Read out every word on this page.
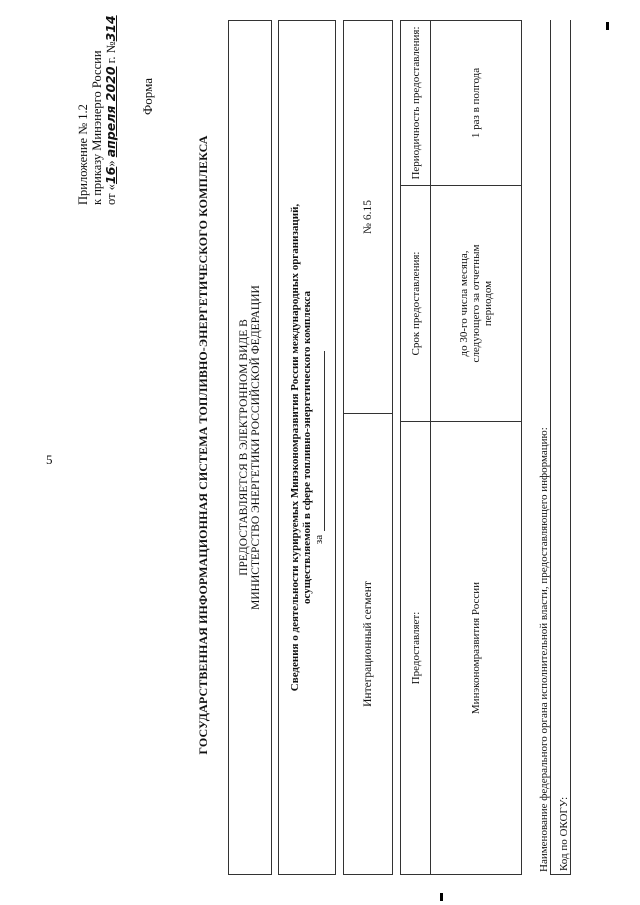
5
Приложение № 1.2 к приказу Минэнерго России от «16» апреля 2020 г. №314
Форма
ГОСУДАРСТВЕННАЯ ИНФОРМАЦИОННАЯ СИСТЕМА ТОПЛИВНО-ЭНЕРГЕТИЧЕСКОГО КОМПЛЕКСА ПРЕДОСТАВЛЯЕТСЯ В ЭЛЕКТРОННОМ ВИДЕ В МИНИСТЕРСТВО ЭНЕРГЕТИКИ РОССИЙСКОЙ ФЕДЕРАЦИИ Сведения о деятельности курируемых Минэкономразвития России международных организаций, осуществляемой в сфере топливно-энергетического комплекса за
Интеграционный сегмент
№ 6.15
Предоставляет:
Срок предоставления:
Периодичность предоставления:
Минэкономразвития России
до 30-го числа месяца, следующего за отчетным периодом
1 раз в полгода
Наименование федерального органа исполнительной власти, предоставляющего информацию: Код по ОКОГУ:
